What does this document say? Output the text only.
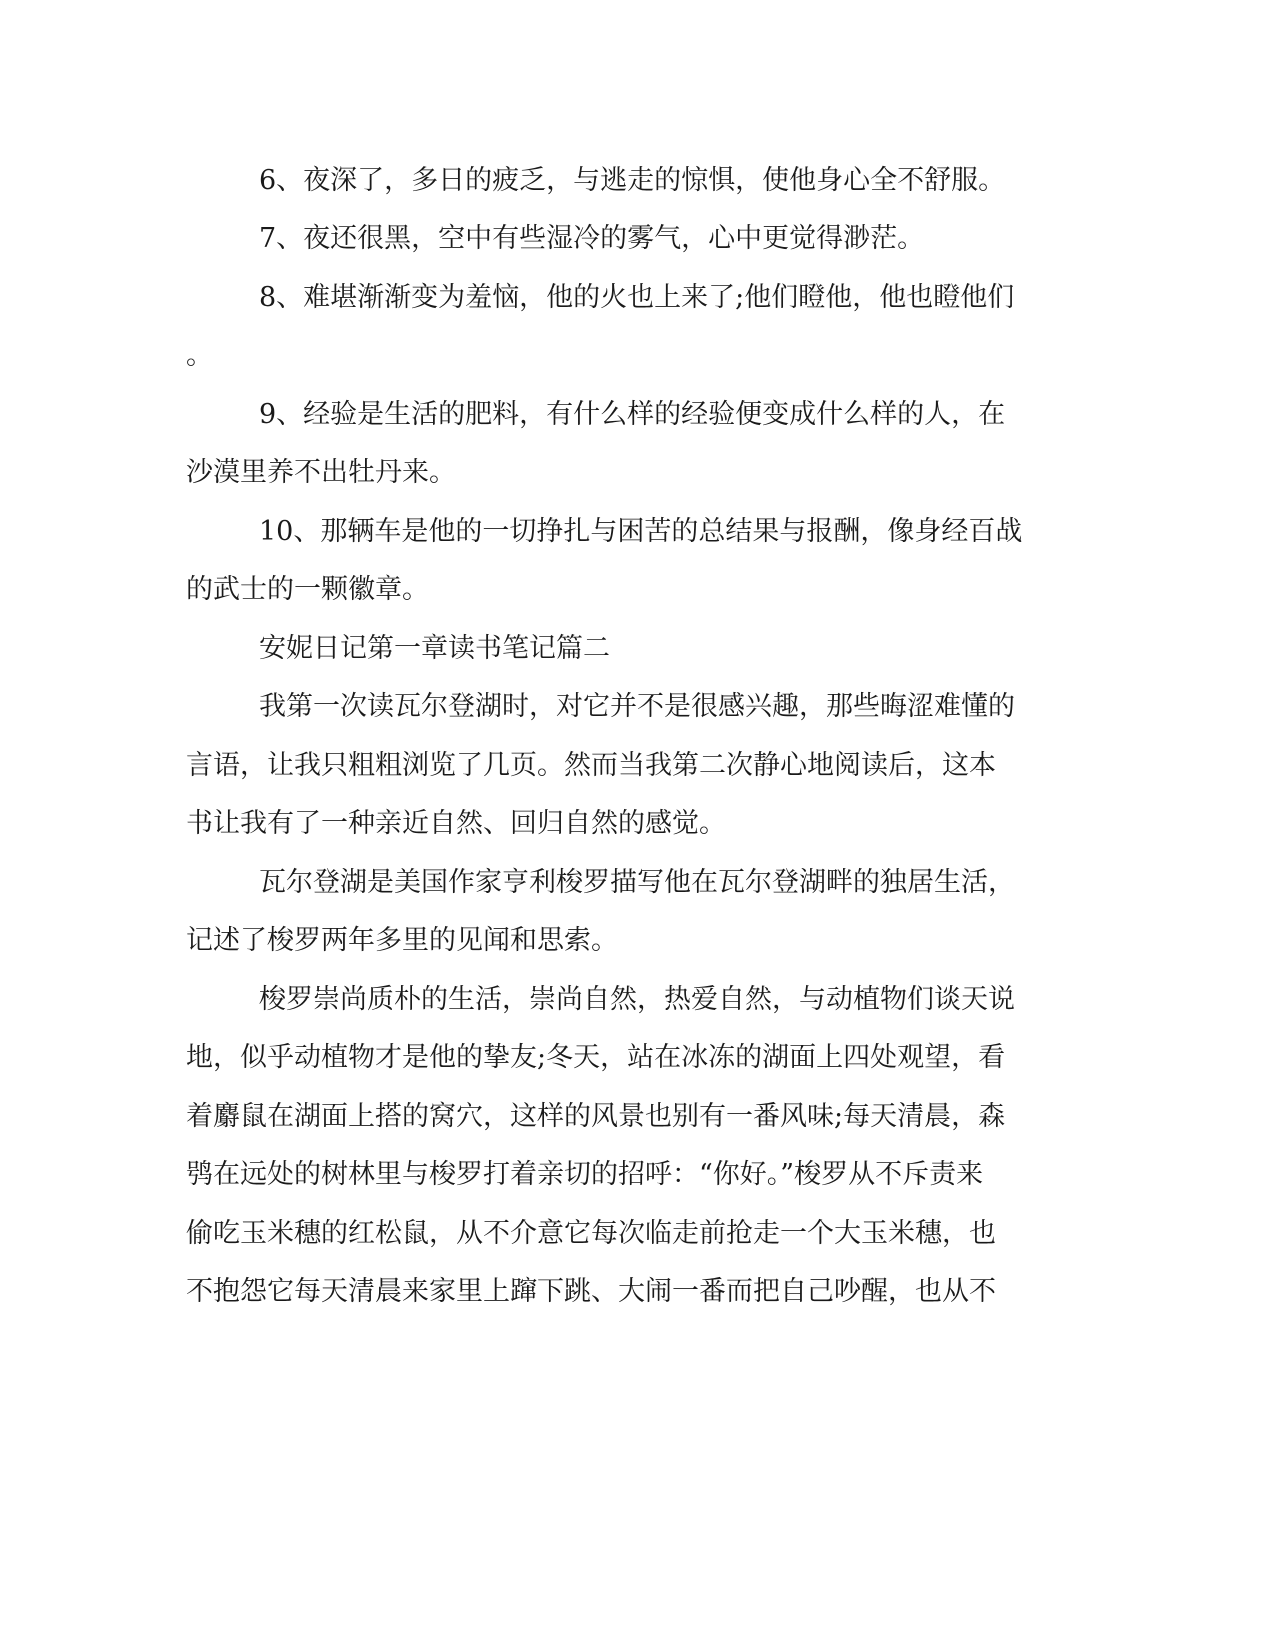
6、夜深了，多日的疲乏，与逃走的惊惧，使他身心全不舒服。
7、夜还很黑，空中有些湿冷的雾气，心中更觉得渺茫。
8、难堪渐渐变为羞恼，他的火也上来了;他们瞪他，他也瞪他们
。
9、经验是生活的肥料，有什么样的经验便变成什么样的人，在
沙漠里养不出牡丹来。
10、那辆车是他的一切挣扎与困苦的总结果与报酬，像身经百战
的武士的一颗徽章。
安妮日记第一章读书笔记篇二
我第一次读瓦尔登湖时，对它并不是很感兴趣，那些晦涩难懂的
言语，让我只粗粗浏览了几页。然而当我第二次静心地阅读后，这本
书让我有了一种亲近自然、回归自然的感觉。
瓦尔登湖是美国作家亨利梭罗描写他在瓦尔登湖畔的独居生活，
记述了梭罗两年多里的见闻和思索。
梭罗崇尚质朴的生活，崇尚自然，热爱自然，与动植物们谈天说
地，似乎动植物才是他的挚友;冬天，站在冰冻的湖面上四处观望，看
着麝鼠在湖面上搭的窝穴，这样的风景也别有一番风味;每天清晨，森
鸮在远处的树林里与梭罗打着亲切的招呼：“你好。”梭罗从不斥责来
偷吃玉米穗的红松鼠，从不介意它每次临走前抢走一个大玉米穗，也
不抱怨它每天清晨来家里上蹿下跳、大闹一番而把自己吵醒，也从不
